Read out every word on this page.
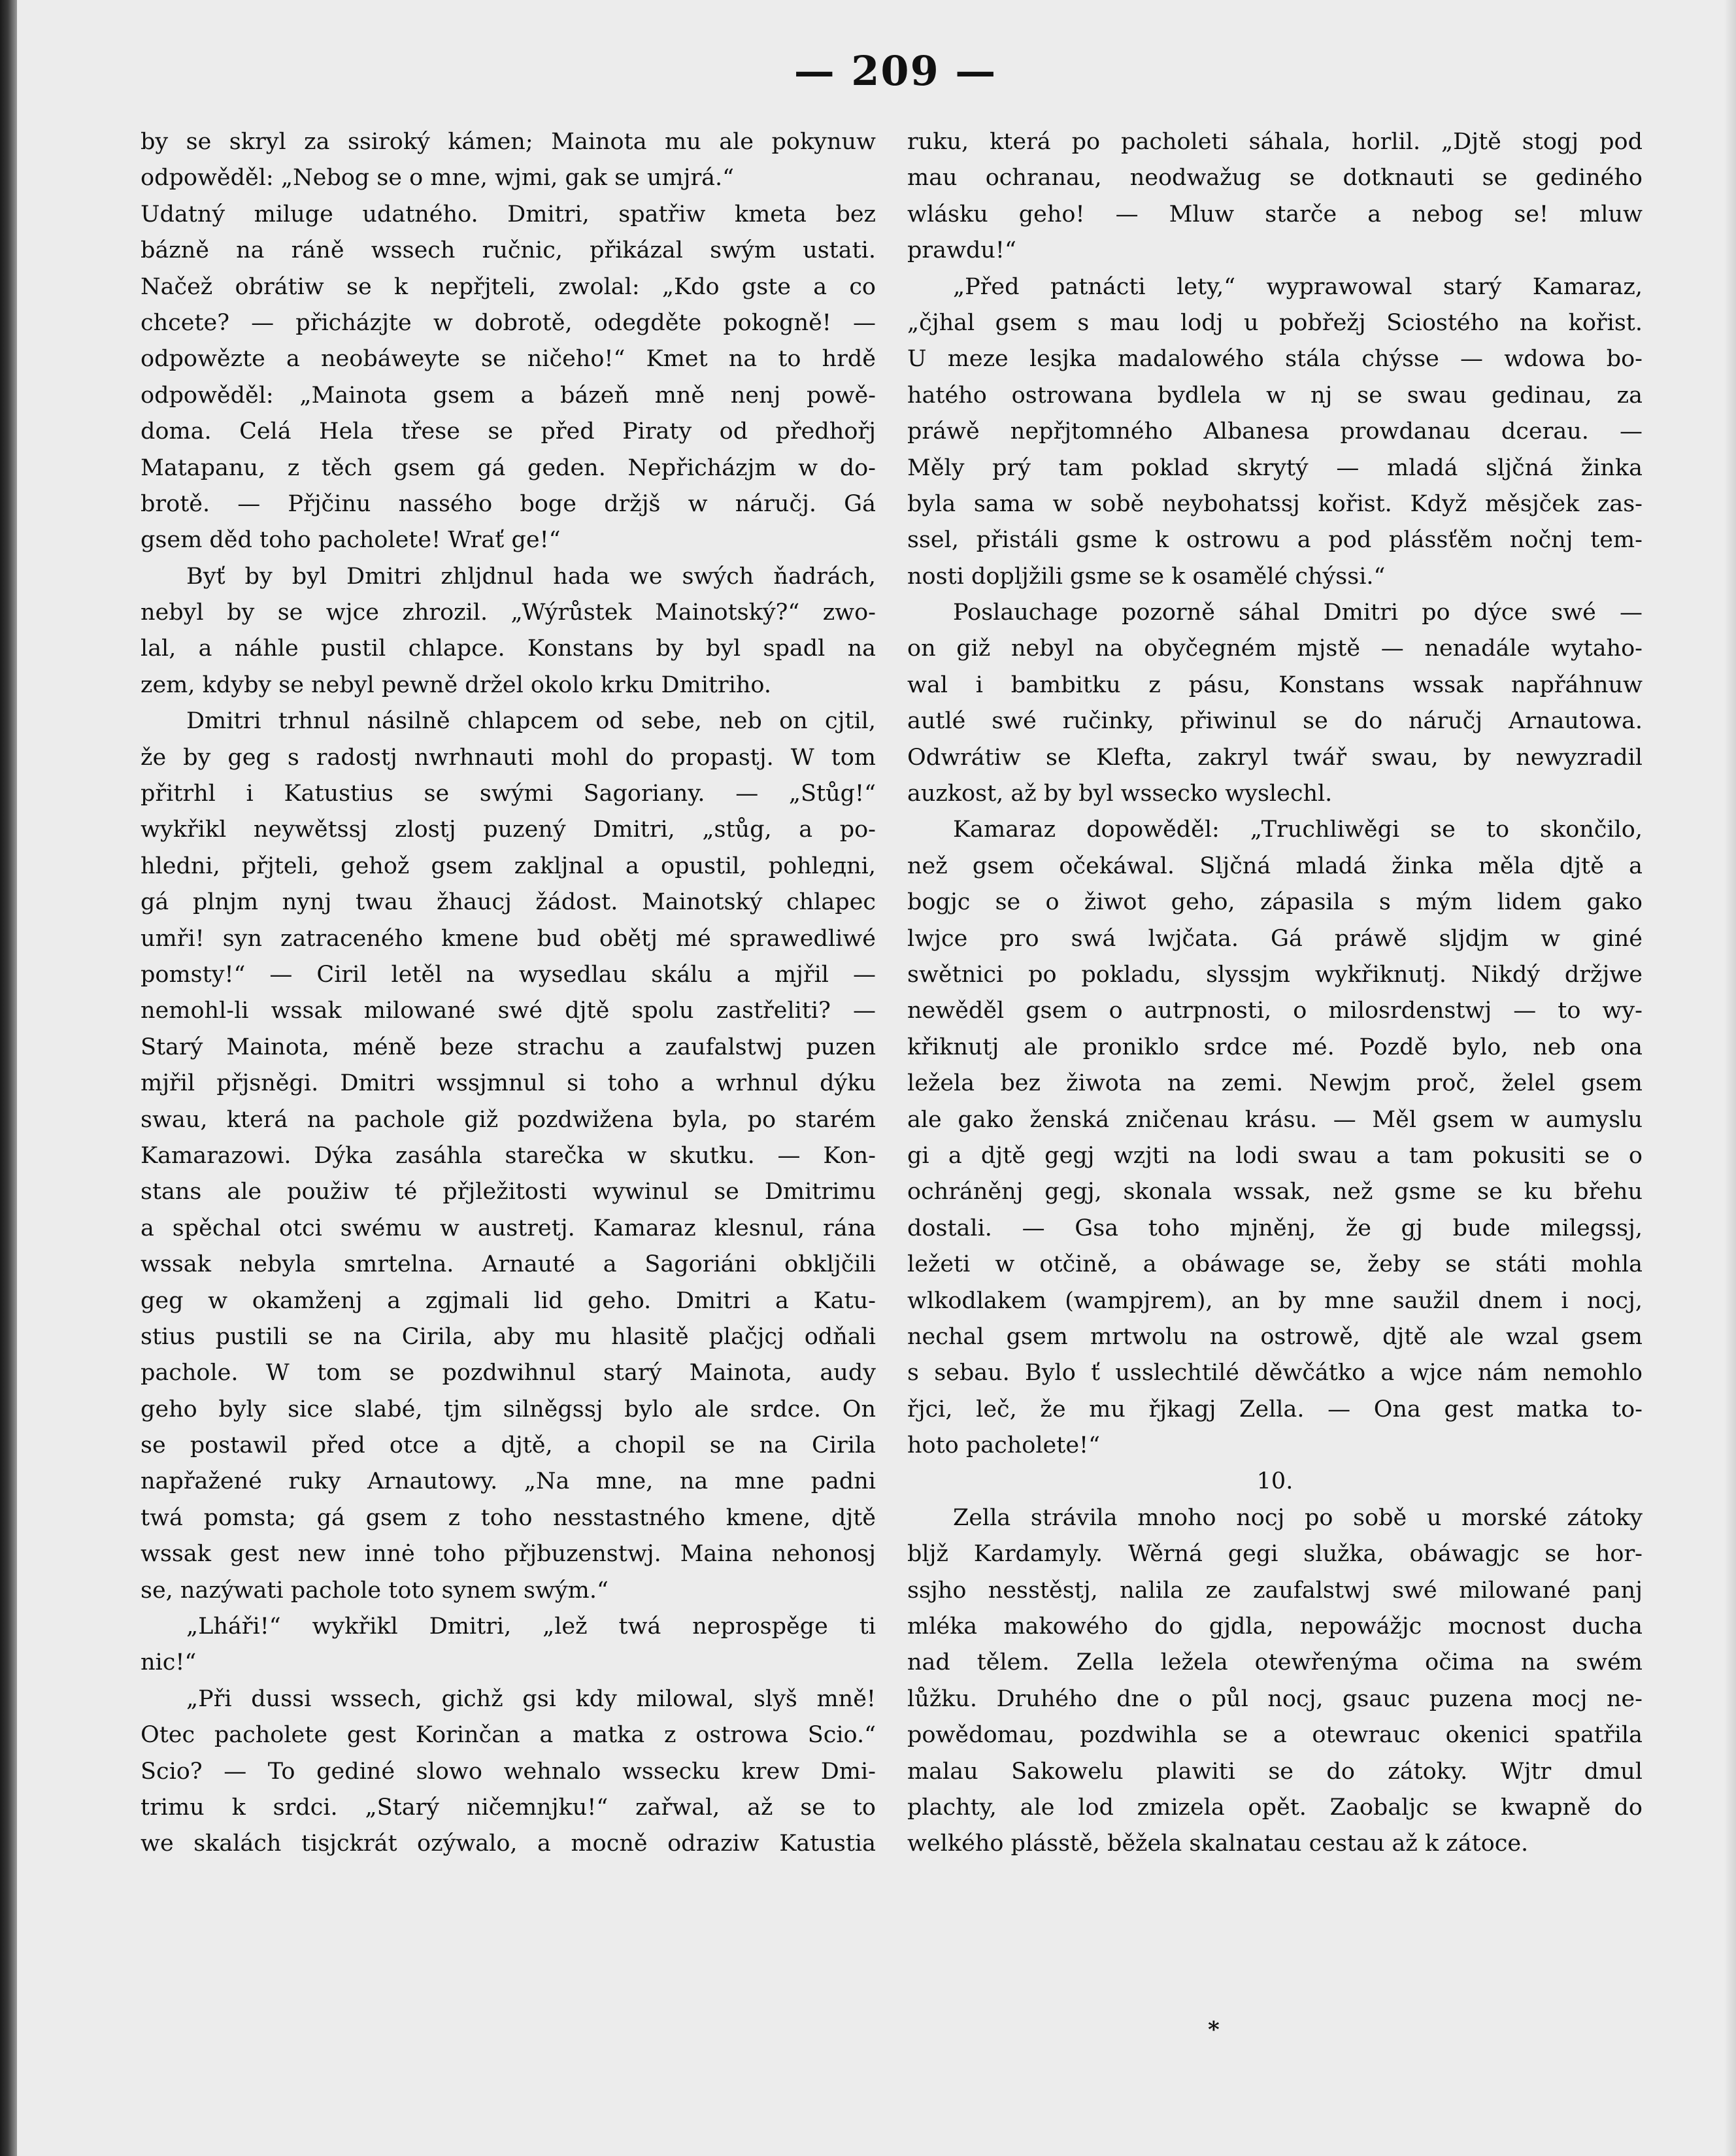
— 209 —
by se skryl za ssiroký kámen; Mainota mu ale pokynuw
odpowěděl: „Nebog se o mne, wjmi, gak se umjrá.“
Udatný miluge udatného. Dmitri, spatřiw kmeta bez
bázně na ráně wssech ručnic, přikázal swým ustati.
Načež obrátiw se k nepřjteli, zwolal: „Kdo gste a co
chcete? — přicházjte w dobrotě, odegděte pokogně! —
odpowězte a neobáweyte se ničeho!“ Kmet na to hrdě
odpowěděl: „Mainota gsem a bázeň mně nenj powě-
doma. Celá Hela třese se před Piraty od předhořj
Matapanu, z těch gsem gá geden. Nepřicházjm w do-
brotě. — Přjčinu nassého boge držjš w náručj. Gá
gsem děd toho pacholete! Wrať ge!“
Byť by byl Dmitri zhljdnul hada we swých ňadrách,
nebyl by se wjce zhrozil. „Wýrůstek Mainotský?“ zwo-
lal, a náhle pustil chlapce. Konstans by byl spadl na
zem, kdyby se nebyl pewně držel okolo krku Dmitriho.
Dmitri trhnul násilně chlapcem od sebe, neb on cjtil,
že by geg s radostj nwrhnauti mohl do propastj. W tom
přitrhl i Katustius se swými Sagoriany. — „Stůg!“
wykřikl neywětssj zlostj puzený Dmitri, „stůg, a po-
hledni, přjteli, gehož gsem zaklјnal a opustil, pohlедni,
gá plnjm nynj twau žhaucj žádost. Mainotský chlapec
umři! syn zatraceného kmene bud obětj mé sprawedliwé
pomsty!“ — Ciril letěl na wysedlau skálu a mjřil —
nemohl-li wssak milowané swé djtě spolu zastřeliti? —
Starý Mainota, méně beze strachu a zaufalstwj puzen
mjřil přjsněgi. Dmitri wssjmnul si toho a wrhnul dýku
swau, která na pachole giž pozdwižena byla, po starém
Kamarazowi. Dýka zasáhla starečka w skutku. — Kon-
stans ale použiw té přjležitosti wywinul se Dmitrimu
a spěchal otci swému w austretj. Kamaraz klesnul, rána
wssak nebyla smrtelna. Arnauté a Sagoriáni obkljčili
geg w okamženj a zgjmali lid geho. Dmitri a Katu-
stius pustili se na Cirila, aby mu hlasitě plačjcj odňali
pachole. W tom se pozdwihnul starý Mainota, audy
geho byly sice slabé, tjm silněgssj bylo ale srdce. On
se postawil před otce a djtě, a chopil se na Cirila
napřažené ruky Arnautowy. „Na mne, na mne padni
twá pomsta; gá gsem z toho nesstastného kmene, djtě
wssak gest new innė toho přjbuzenstwj. Maina nehonosj
se, nazýwati pachole toto synem swým.“
„Lháři!“ wykřikl Dmitri, „lež twá neprospěge ti
nic!“
„Při dussi wssech, gichž gsi kdy milowal, slyš mně!
Otec pacholete gest Korinčan a matka z ostrowa Scio.“
Scio? — To gediné slowo wehnalo wssecku krew Dmi-
trimu k srdci. „Starý ničemnjku!“ zařwal, až se to
we skalách tisjckrát ozýwalo, a mocně odraziw Katustia
ruku, která po pacholeti sáhala, horlil. „Djtě stogj pod
mau ochranau, neodwažug se dotknauti se gediného
wlásku geho! — Mluw starče a nebog se! mluw
prawdu!“
„Před patnácti lety,“ wyprawowal starý Kamaraz,
„čjhal gsem s mau lodj u pobřežj Sciostého na kořist.
U meze lesjka madalowého stála chýsse — wdowa bo-
hatého ostrowana bydlela w nj se swau gedinau, za
práwě nepřjtomného Albanesa prowdanau dcerau. —
Měly prý tam poklad skrytý — mladá sljčná žinka
byla sama w sobě neybohatssj kořist. Když měsjček zas-
ssel, přistáli gsme k ostrowu a pod plássťěm nočnj tem-
nosti doplјžili gsme se k osamělé chýssi.“
Poslauchage pozorně sáhal Dmitri po dýce swé —
on giž nebyl na obyčegném mjstě — nenadále wytaho-
wal i bambitku z pásu, Konstans wssak napřáhnuw
autlé swé ručinky, přiwinul se do náručj Arnautowa.
Odwrátiw se Klefta, zakryl twář swau, by newyzradil
auzkost, až by byl wssecko wyslechl.
Kamaraz dopowěděl: „Truchliwěgi se to skončilo,
než gsem očekáwal. Sljčná mladá žinka měla djtě a
bogjc se o žiwot geho, zápasila s mým lidem gako
lwjce pro swá lwjčata. Gá práwě sljdjm w giné
swětnici po pokladu, slyssjm wykřiknutj. Nikdý držjwe
newěděl gsem o autrpnosti, o milosrdenstwj — to wy-
křiknutj ale proniklo srdce mé. Pozdě bylo, neb ona
ležela bez žiwota na zemi. Newjm proč, želel gsem
ale gako ženská zničenau krásu. — Měl gsem w aumyslu
gi a djtě gegj wzjti na lodi swau a tam pokusiti se o
ochráněnj gegj, skonala wssak, než gsme se ku břehu
dostali. — Gsa toho mjněnj, že gj bude milegssj,
ležeti w otčině, a obáwage se, žeby se státi mohla
wlkodlakem (wampjrem), an by mne saužil dnem i nocj,
nechal gsem mrtwolu na ostrowě, djtě ale wzal gsem
s sebau. Bylo ť usslechtilé děwčátko a wjce nám nemohlo
řjci, leč, že mu řjkagj Zella. — Ona gest matka to-
hoto pacholete!“
10.
Zella strávila mnoho nocj po sobě u morské zátoky
bljž Kardamyly. Wěrná gegi služka, obáwagjc se hor-
ssjho nesstěstj, nalila ze zaufalstwj swé milowané panj
mléka makowého do gjdla, nepowážjc mocnost ducha
nad tělem. Zella ležela otewřenýma očima na swém
lůžku. Druhého dne o půl nocj, gsauc puzena mocj ne-
powědomau, pozdwihla se a otewrauc okenici spatřila
malau Sakowelu plawiti se do zátoky. Wjtr dmul
plachty, ale lod zmizela opět. Zaobaljc se kwapně do
welkého plásstě, běžela skalnatau cestau až k zátoce.
*
